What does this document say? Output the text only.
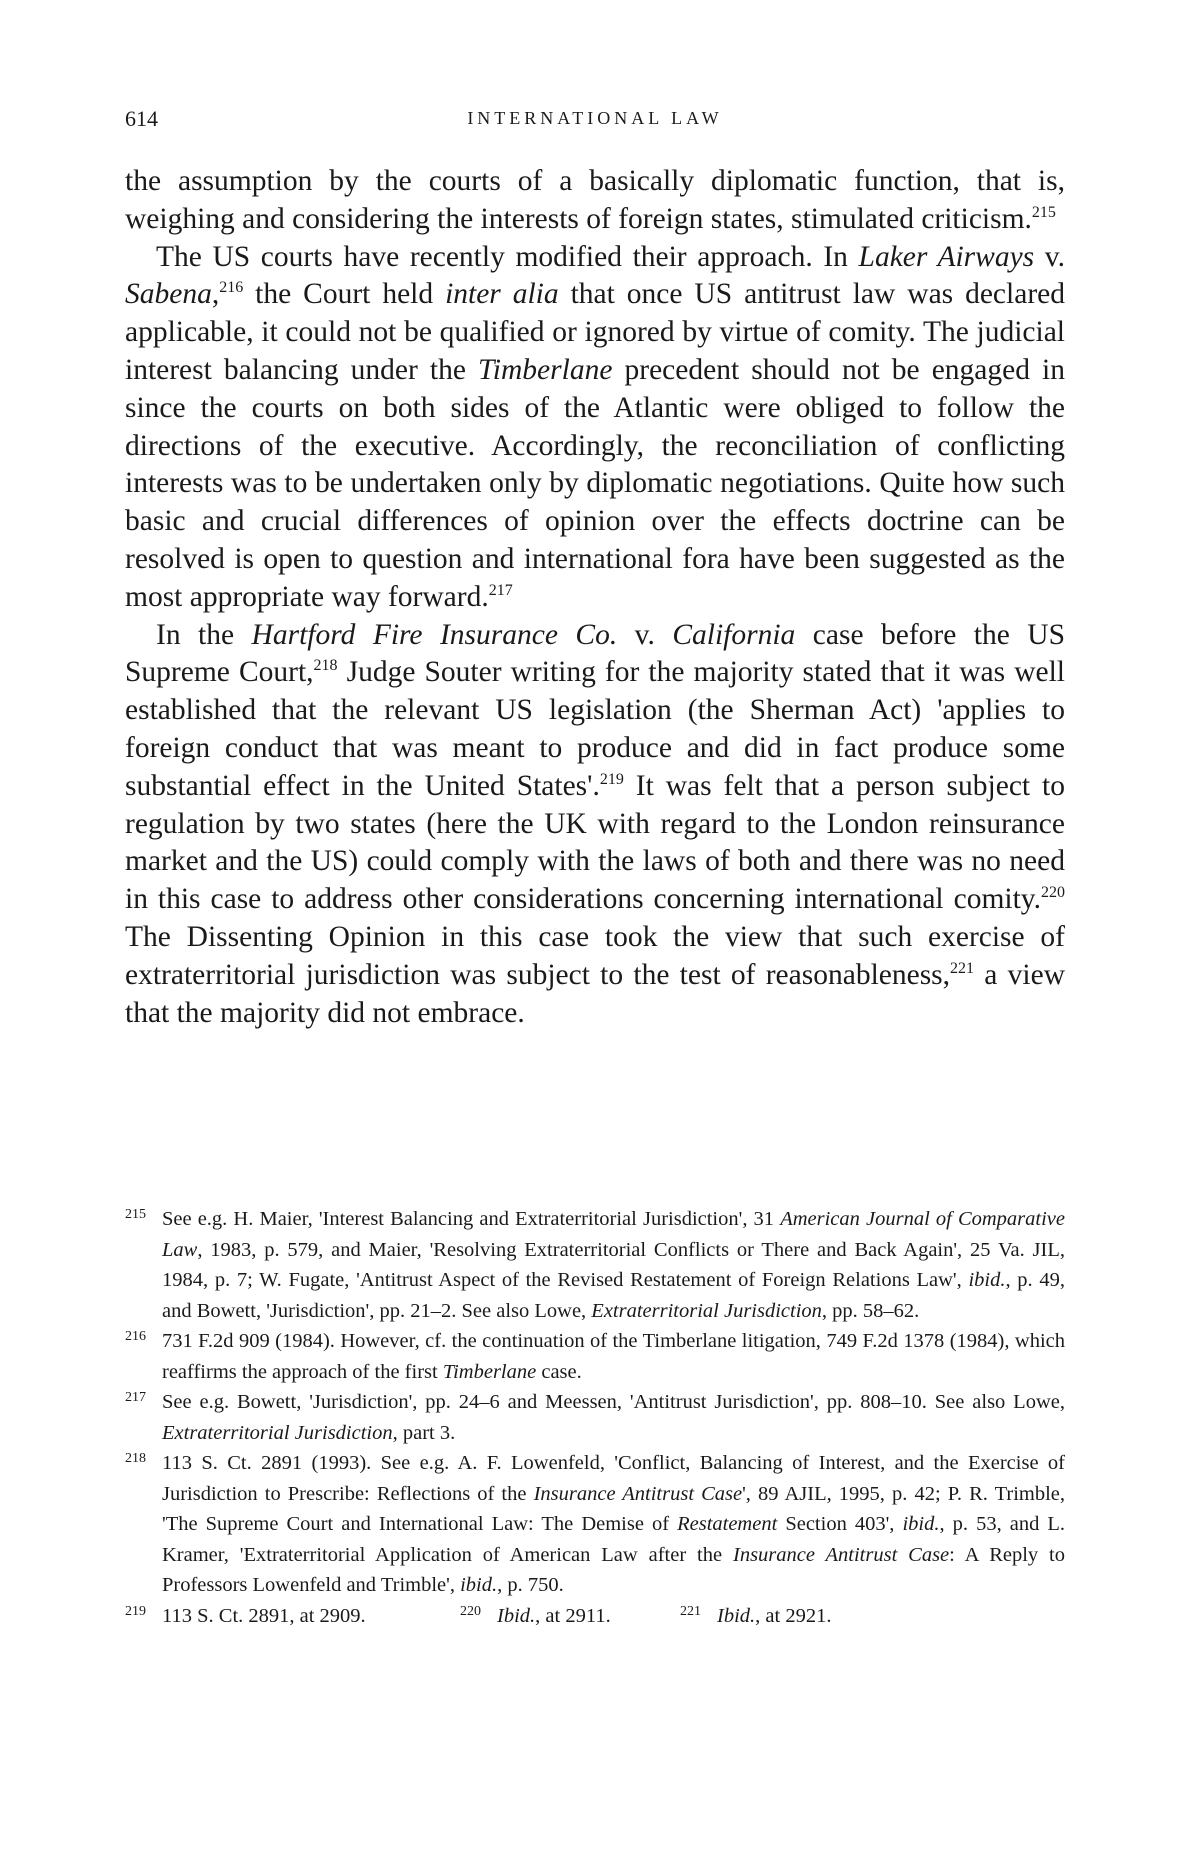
614	INTERNATIONAL LAW

the assumption by the courts of a basically diplomatic function, that is, weighing and considering the interests of foreign states, stimulated criticism.$^{215}$

The US courts have recently modified their approach. In Laker Airways v. Sabena,$^{216}$ the Court held inter alia that once US antitrust law was declared applicable, it could not be qualified or ignored by virtue of comity. The judicial interest balancing under the Timberlane precedent should not be engaged in since the courts on both sides of the Atlantic were obliged to follow the directions of the executive. Accordingly, the reconciliation of conflicting interests was to be undertaken only by diplomatic negotiations. Quite how such basic and crucial differences of opinion over the effects doctrine can be resolved is open to question and international fora have been suggested as the most appropriate way forward.$^{217}$

In the Hartford Fire Insurance Co. v. California case before the US Supreme Court,$^{218}$ Judge Souter writing for the majority stated that it was well established that the relevant US legislation (the Sherman Act) 'applies to foreign conduct that was meant to produce and did in fact produce some substantial effect in the United States'.$^{219}$ It was felt that a person subject to regulation by two states (here the UK with regard to the London reinsurance market and the US) could comply with the laws of both and there was no need in this case to address other considerations concerning international comity.$^{220}$ The Dissenting Opinion in this case took the view that such exercise of extraterritorial jurisdiction was subject to the test of reasonableness,$^{221}$ a view that the majority did not embrace.

215 See e.g. H. Maier, 'Interest Balancing and Extraterritorial Jurisdiction', 31 American Journal of Comparative Law, 1983, p. 579, and Maier, 'Resolving Extraterritorial Conflicts or There and Back Again', 25 Va. JIL, 1984, p. 7; W. Fugate, 'Antitrust Aspect of the Revised Restatement of Foreign Relations Law', ibid., p. 49, and Bowett, 'Jurisdiction', pp. 21–2. See also Lowe, Extraterritorial Jurisdiction, pp. 58–62.

216 731 F.2d 909 (1984). However, cf. the continuation of the Timberlane litigation, 749 F.2d 1378 (1984), which reaffirms the approach of the first Timberlane case.

217 See e.g. Bowett, 'Jurisdiction', pp. 24–6 and Meessen, 'Antitrust Jurisdiction', pp. 808–10. See also Lowe, Extraterritorial Jurisdiction, part 3.

218 113 S. Ct. 2891 (1993). See e.g. A. F. Lowenfeld, 'Conflict, Balancing of Interest, and the Exercise of Jurisdiction to Prescribe: Reflections of the Insurance Antitrust Case', 89 AJIL, 1995, p. 42; P. R. Trimble, 'The Supreme Court and International Law: The Demise of Restatement Section 403', ibid., p. 53, and L. Kramer, 'Extraterritorial Application of American Law after the Insurance Antitrust Case: A Reply to Professors Lowenfeld and Trimble', ibid., p. 750.

219 113 S. Ct. 2891, at 2909.	220 Ibid., at 2911.	221 Ibid., at 2921.
